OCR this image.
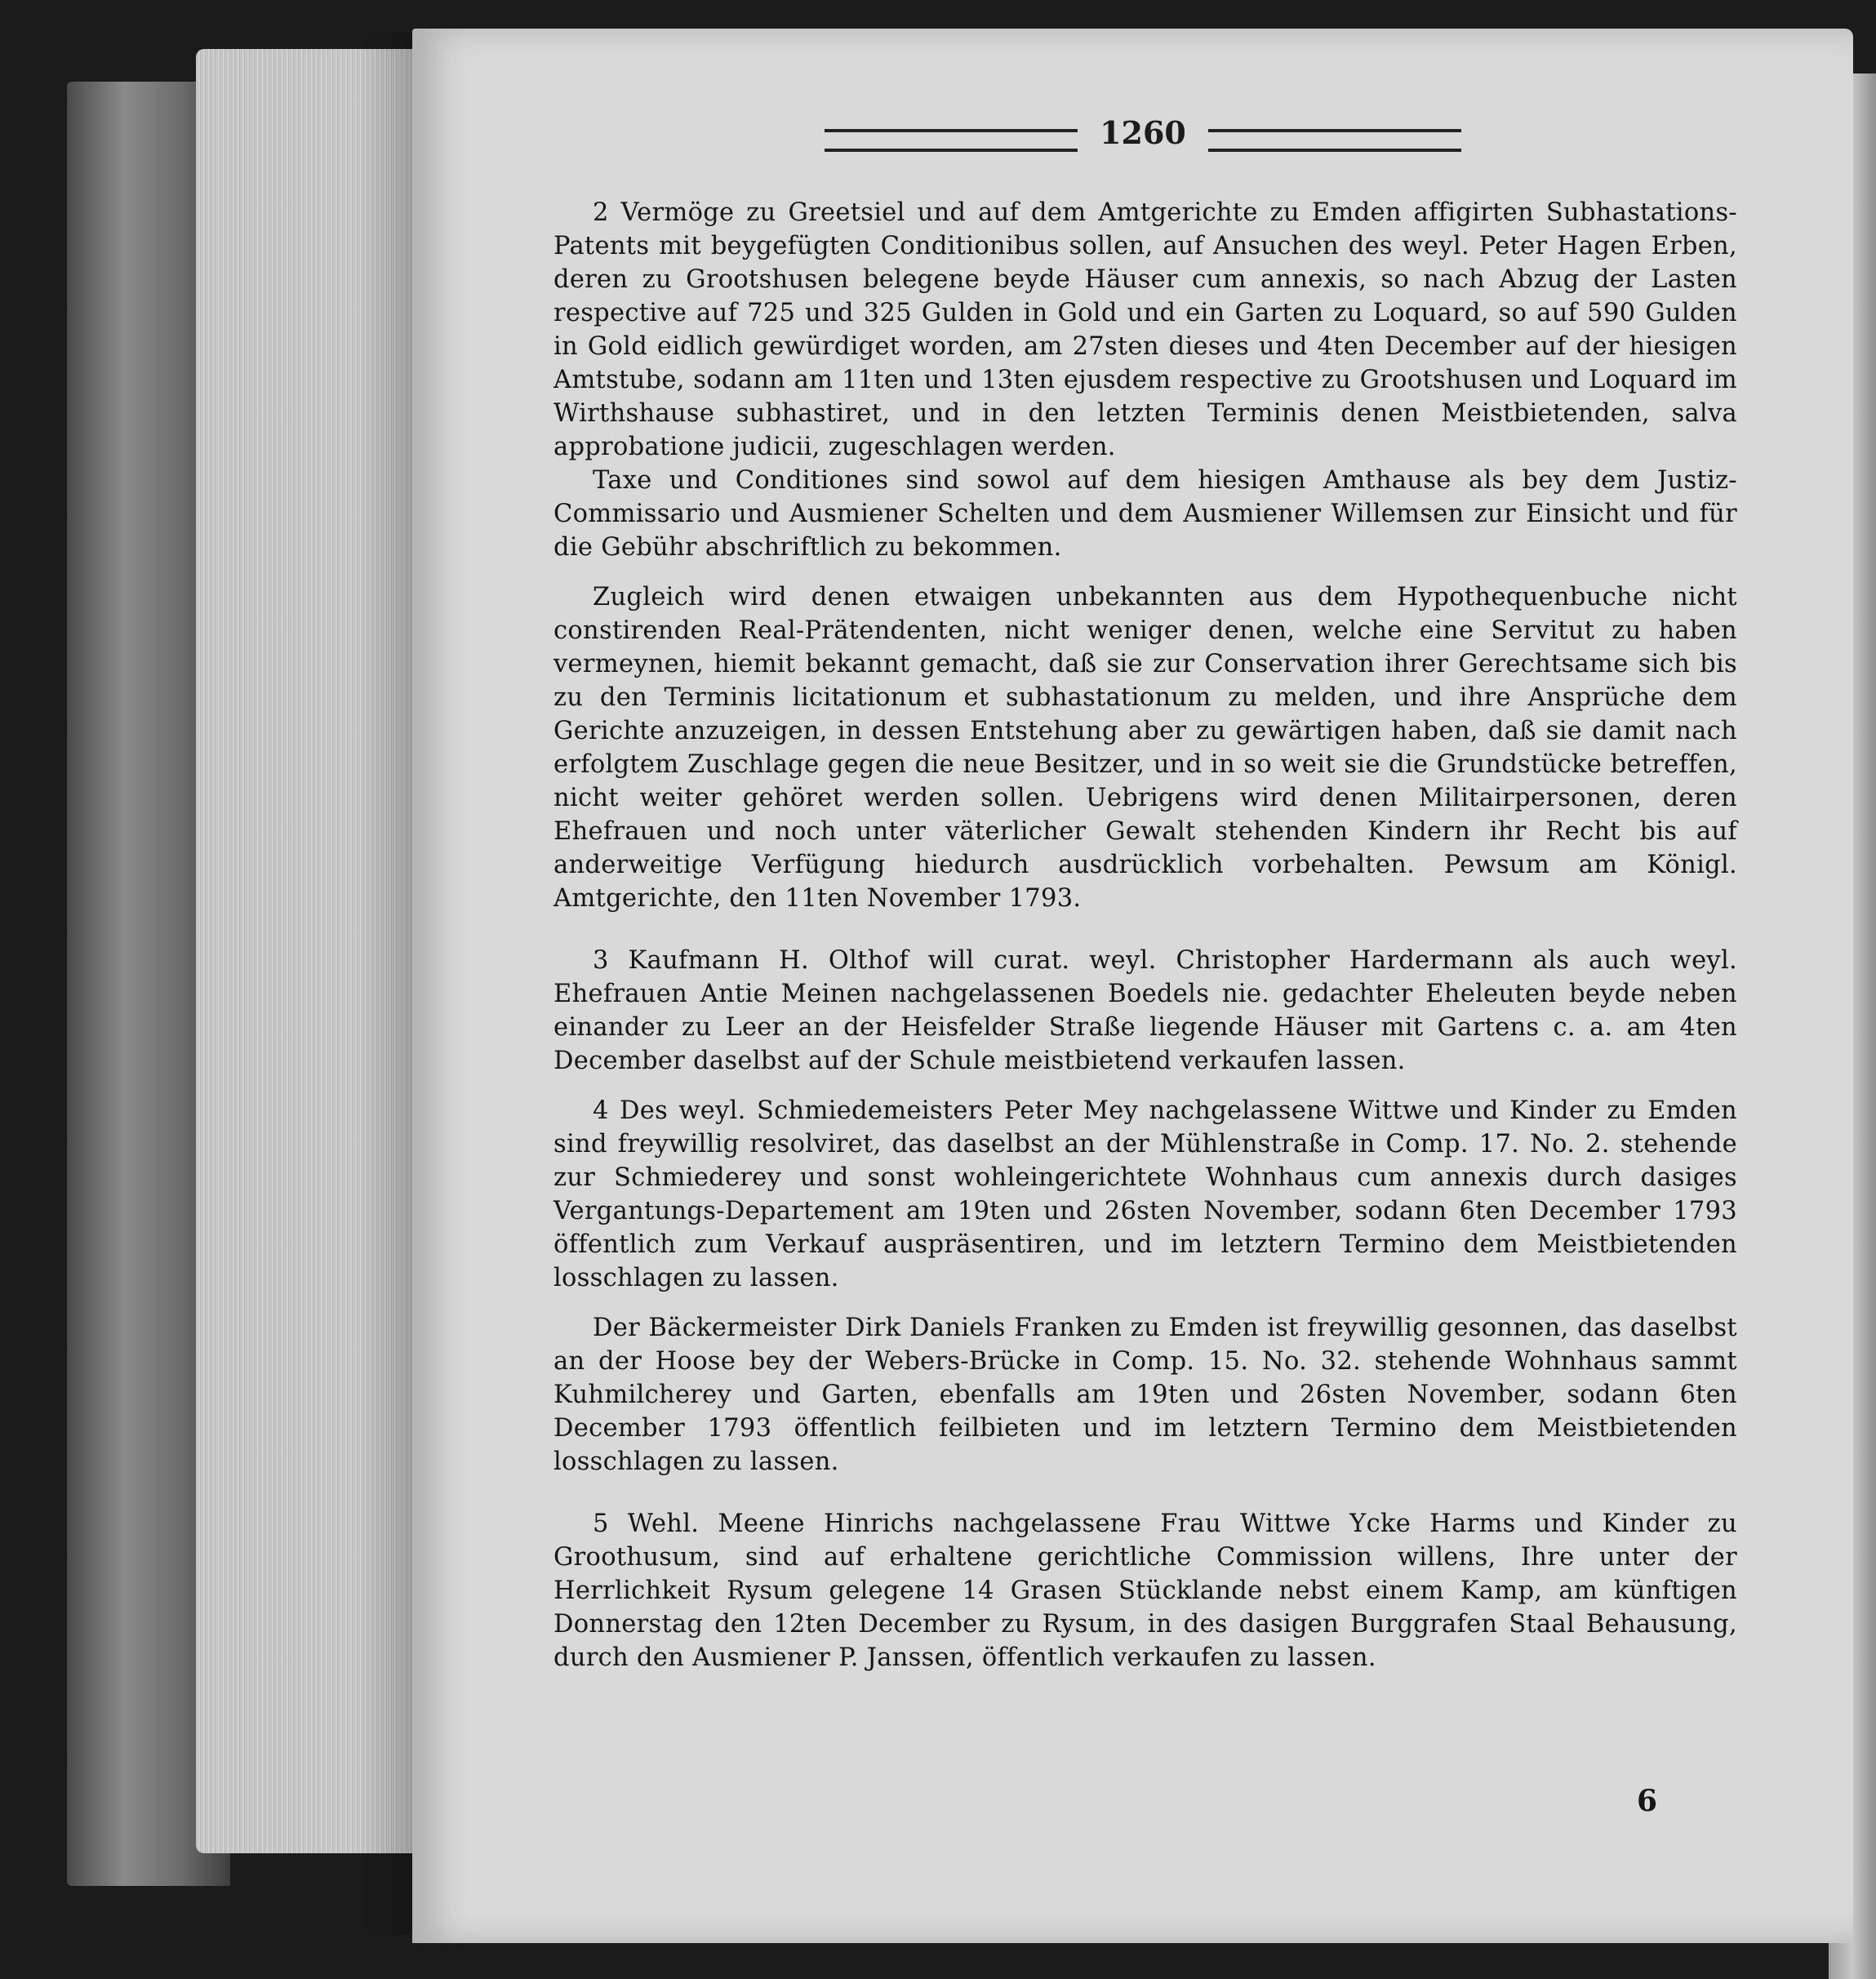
1260

2 Vermöge zu Greetsiel und auf dem Amtgerichte zu Emden affigirten Subhastations-Patents mit beygefügten Conditionibus sollen, auf Ansuchen des weyl. Peter Hagen Erben, deren zu Grootshusen belegene beyde Häuser cum annexis, so nach Abzug der Lasten respective auf 725 und 325 Gulden in Gold und ein Garten zu Loquard, so auf 590 Gulden in Gold eidlich gewürdiget worden, am 27sten dieses und 4ten December auf der hiesigen Amtstube, sodann am 11ten und 13ten ejusdem respective zu Grootshusen und Loquard im Wirthshause subhastiret, und in den letzten Terminis denen Meistbietenden, salva approbatione judicii, zugeschlagen werden.

Taxe und Conditiones sind sowol auf dem hiesigen Amthause als bey dem Justiz-Commissario und Ausmiener Schelten und dem Ausmiener Willemsen zur Einsicht und für die Gebühr abschriftlich zu bekommen.

Zugleich wird denen etwaigen unbekannten aus dem Hypothequenbuche nicht constirenden Real-Prätendenten, nicht weniger denen, welche eine Servitut zu haben vermeynen, hiemit bekannt gemacht, daß sie zur Conservation ihrer Gerechtsame sich bis zu den Terminis licitationum et subhastationum zu melden, und ihre Ansprüche dem Gerichte anzuzeigen, in dessen Entstehung aber zu gewärtigen haben, daß sie damit nach erfolgtem Zuschlage gegen die neue Besitzer, und in so weit sie die Grundstücke betreffen, nicht weiter gehöret werden sollen. Uebrigens wird denen Militairpersonen, deren Ehefrauen und noch unter väterlicher Gewalt stehenden Kindern ihr Recht bis auf anderweitige Verfügung hiedurch ausdrücklich vorbehalten. Pewsum am Königl. Amtgerichte, den 11ten November 1793.

3 Kaufmann H. Olthof will curat. weyl. Christopher Hardermann als auch weyl. Ehefrauen Antie Meinen nachgelassenen Boedels nie. gedachter Eheleuten beyde neben einander zu Leer an der Heisfelder Straße liegende Häuser mit Gartens c. a. am 4ten December daselbst auf der Schule meistbietend verkaufen lassen.

4 Des weyl. Schmiedemeisters Peter Mey nachgelassene Wittwe und Kinder zu Emden sind freywillig resolviret, das daselbst an der Mühlenstraße in Comp. 17. No. 2. stehende zur Schmiederey und sonst wohleingerichtete Wohnhaus cum annexis durch dasiges Vergantungs-Departement am 19ten und 26sten November, sodann 6ten December 1793 öffentlich zum Verkauf auspräsentiren, und im letztern Termino dem Meistbietenden losschlagen zu lassen.

Der Bäckermeister Dirk Daniels Franken zu Emden ist freywillig gesonnen, das daselbst an der Hoose bey der Webers-Brücke in Comp. 15. No. 32. stehende Wohnhaus sammt Kuhmilcherey und Garten, ebenfalls am 19ten und 26sten November, sodann 6ten December 1793 öffentlich feilbieten und im letztern Termino dem Meistbietenden losschlagen zu lassen.

5 Wehl. Meene Hinrichs nachgelassene Frau Wittwe Ycke Harms und Kinder zu Groothusum, sind auf erhaltene gerichtliche Commission willens, Ihre unter der Herrlichkeit Rysum gelegene 14 Grasen Stücklande nebst einem Kamp, am künftigen Donnerstag den 12ten December zu Rysum, in des dasigen Burggrafen Staal Behausung, durch den Ausmiener P. Janssen, öffentlich verkaufen zu lassen.

6
